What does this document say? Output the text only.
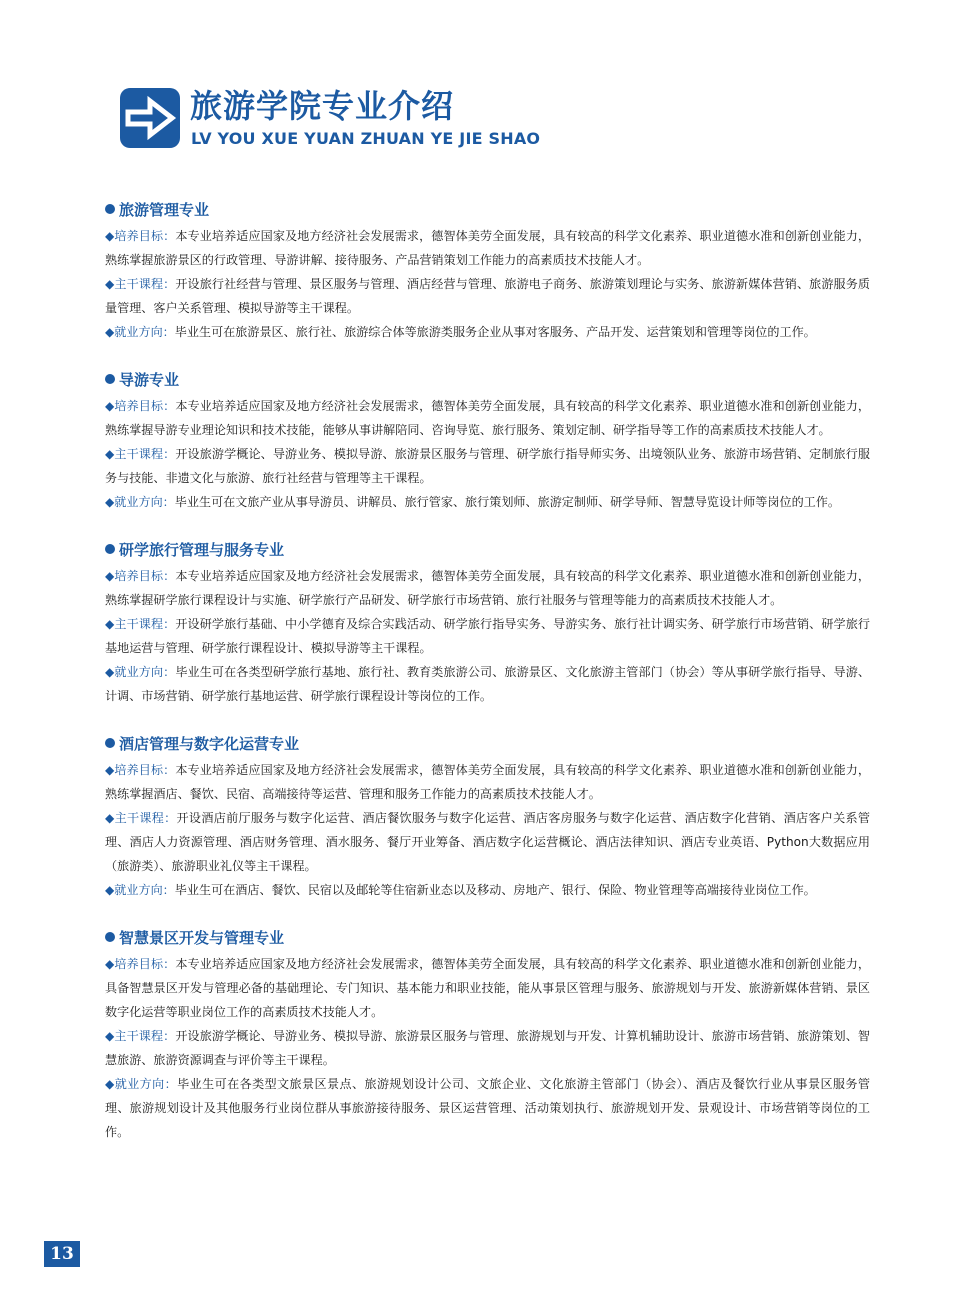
旅游学院专业介绍
LV YOU XUE YUAN ZHUAN YE JIE SHAO
旅游管理专业
◆培养目标：本专业培养适应国家及地方经济社会发展需求，德智体美劳全面发展，具有较高的科学文化素养、职业道德水准和创新创业能力，熟练掌握旅游景区的行政管理、导游讲解、接待服务、产品营销策划工作能力的高素质技术技能人才。
◆主干课程：开设旅行社经营与管理、景区服务与管理、酒店经营与管理、旅游电子商务、旅游策划理论与实务、旅游新媒体营销、旅游服务质量管理、客户关系管理、模拟导游等主干课程。
◆就业方向：毕业生可在旅游景区、旅行社、旅游综合体等旅游类服务企业从事对客服务、产品开发、运营策划和管理等岗位的工作。
导游专业
◆培养目标：本专业培养适应国家及地方经济社会发展需求，德智体美劳全面发展，具有较高的科学文化素养、职业道德水准和创新创业能力，熟练掌握导游专业理论知识和技术技能，能够从事讲解陪同、咨询导览、旅行服务、策划定制、研学指导等工作的高素质技术技能人才。
◆主干课程：开设旅游学概论、导游业务、模拟导游、旅游景区服务与管理、研学旅行指导师实务、出境领队业务、旅游市场营销、定制旅行服务与技能、非遗文化与旅游、旅行社经营与管理等主干课程。
◆就业方向：毕业生可在文旅产业从事导游员、讲解员、旅行管家、旅行策划师、旅游定制师、研学导师、智慧导览设计师等岗位的工作。
研学旅行管理与服务专业
◆培养目标：本专业培养适应国家及地方经济社会发展需求，德智体美劳全面发展，具有较高的科学文化素养、职业道德水准和创新创业能力，熟练掌握研学旅行课程设计与实施、研学旅行产品研发、研学旅行市场营销、旅行社服务与管理等能力的高素质技术技能人才。
◆主干课程：开设研学旅行基础、中小学德育及综合实践活动、研学旅行指导实务、导游实务、旅行社计调实务、研学旅行市场营销、研学旅行基地运营与管理、研学旅行课程设计、模拟导游等主干课程。
◆就业方向：毕业生可在各类型研学旅行基地、旅行社、教育类旅游公司、旅游景区、文化旅游主管部门（协会）等从事研学旅行指导、导游、计调、市场营销、研学旅行基地运营、研学旅行课程设计等岗位的工作。
酒店管理与数字化运营专业
◆培养目标：本专业培养适应国家及地方经济社会发展需求，德智体美劳全面发展，具有较高的科学文化素养、职业道德水准和创新创业能力，熟练掌握酒店、餐饮、民宿、高端接待等运营、管理和服务工作能力的高素质技术技能人才。
◆主干课程：开设酒店前厅服务与数字化运营、酒店餐饮服务与数字化运营、酒店客房服务与数字化运营、酒店数字化营销、酒店客户关系管理、酒店人力资源管理、酒店财务管理、酒水服务、餐厅开业筹备、酒店数字化运营概论、酒店法律知识、酒店专业英语、Python大数据应用（旅游类）、旅游职业礼仪等主干课程。
◆就业方向：毕业生可在酒店、餐饮、民宿以及邮轮等住宿新业态以及移动、房地产、银行、保险、物业管理等高端接待业岗位工作。
智慧景区开发与管理专业
◆培养目标：本专业培养适应国家及地方经济社会发展需求，德智体美劳全面发展，具有较高的科学文化素养、职业道德水准和创新创业能力，具备智慧景区开发与管理必备的基础理论、专门知识、基本能力和职业技能，能从事景区管理与服务、旅游规划与开发、旅游新媒体营销、景区数字化运营等职业岗位工作的高素质技术技能人才。
◆主干课程：开设旅游学概论、导游业务、模拟导游、旅游景区服务与管理、旅游规划与开发、计算机辅助设计、旅游市场营销、旅游策划、智慧旅游、旅游资源调查与评价等主干课程。
◆就业方向：毕业生可在各类型文旅景区景点、旅游规划设计公司、文旅企业、文化旅游主管部门（协会）、酒店及餐饮行业从事景区服务管理、旅游规划设计及其他服务行业岗位群从事旅游接待服务、景区运营管理、活动策划执行、旅游规划开发、景观设计、市场营销等岗位的工作。
13
